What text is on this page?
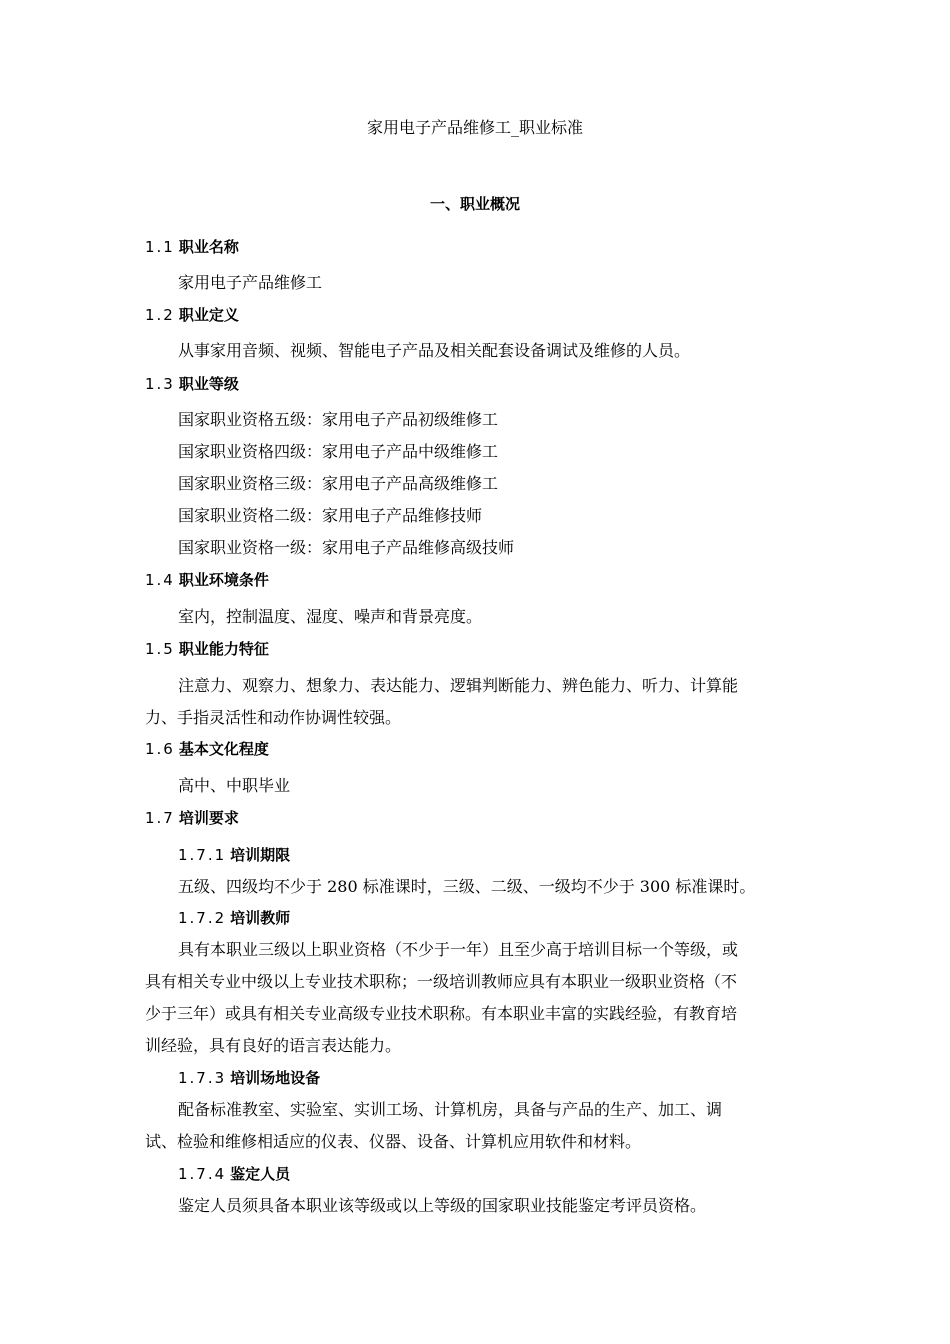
家用电子产品维修工_职业标准
一、职业概况
1.1 职业名称
家用电子产品维修工
1.2 职业定义
从事家用音频、视频、智能电子产品及相关配套设备调试及维修的人员。
1.3 职业等级
国家职业资格五级：家用电子产品初级维修工
国家职业资格四级：家用电子产品中级维修工
国家职业资格三级：家用电子产品高级维修工
国家职业资格二级：家用电子产品维修技师
国家职业资格一级：家用电子产品维修高级技师
1.4 职业环境条件
室内，控制温度、湿度、噪声和背景亮度。
1.5 职业能力特征
注意力、观察力、想象力、表达能力、逻辑判断能力、辨色能力、听力、计算能
力、手指灵活性和动作协调性较强。
1.6 基本文化程度
高中、中职毕业
1.7 培训要求
1.7.1 培训期限
五级、四级均不少于 280 标准课时，三级、二级、一级均不少于 300 标准课时。
1.7.2 培训教师
具有本职业三级以上职业资格（不少于一年）且至少高于培训目标一个等级，或
具有相关专业中级以上专业技术职称；一级培训教师应具有本职业一级职业资格（不
少于三年）或具有相关专业高级专业技术职称。有本职业丰富的实践经验，有教育培
训经验，具有良好的语言表达能力。
1.7.3 培训场地设备
配备标准教室、实验室、实训工场、计算机房，具备与产品的生产、加工、调
试、检验和维修相适应的仪表、仪器、设备、计算机应用软件和材料。
1.7.4 鉴定人员
鉴定人员须具备本职业该等级或以上等级的国家职业技能鉴定考评员资格。
